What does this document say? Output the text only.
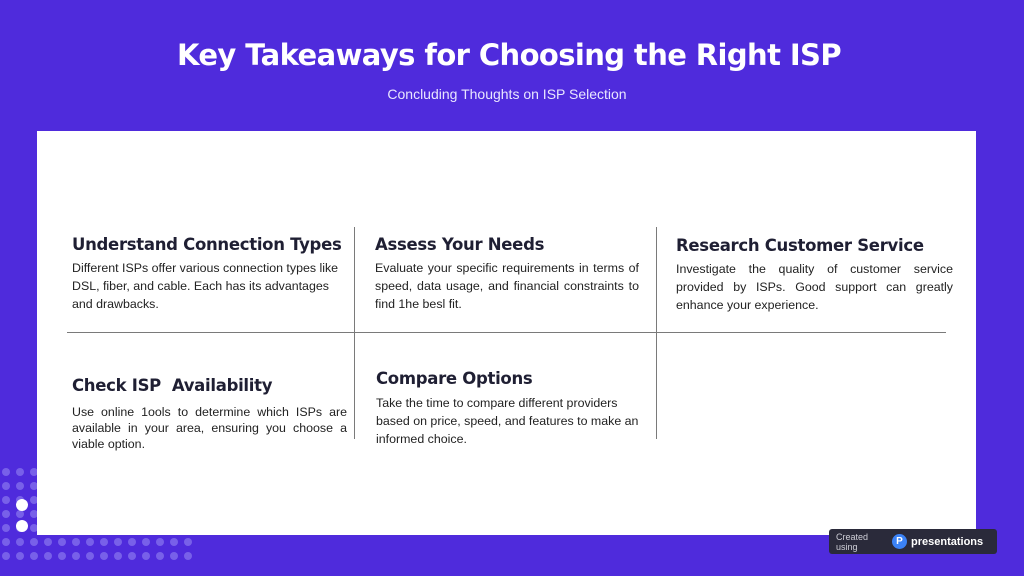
Key Takeaways for Choosing the Right ISP

Concluding Thoughts on ISP Selection

Understand Connection Types

Different ISPs offer various connection types like DSL, fiber, and cable. Each has its advantages and drawbacks.

Assess Your Needs

Evaluate your specific requirements in terms of speed, data usage, and financial constraints to find 1he besl fit.

Research Customer Service

Investigate the quality of customer service provided by ISPs. Good support can greatly enhance your experience.

Check ISP  Availability

Use online 1ools to determine which ISPs are available in your area, ensuring you choose a viable option.

Compare Options

Take the time to compare different providers based on price, speed, and features to make an informed choice.

Created using	P presentations
